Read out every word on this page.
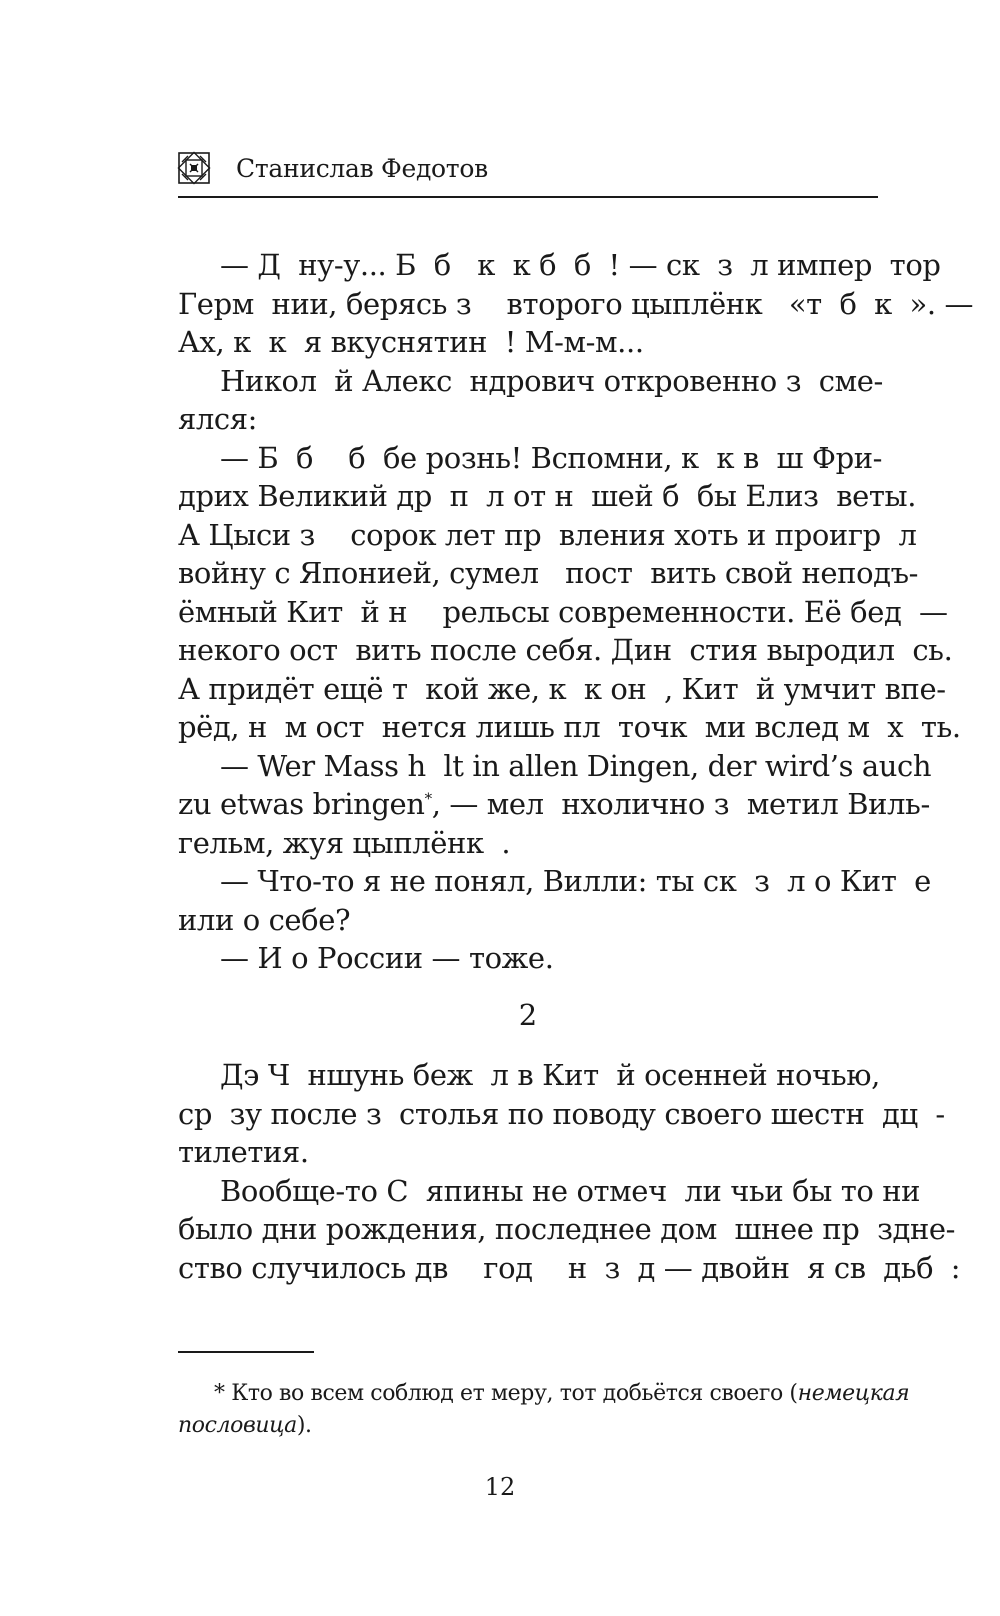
Станислав Федотов
— Д  ну-у... Б  б   к  к б  б  ! — ск  з  л импер  тор
Герм  нии, берясь з    второго цыплёнк   «т  б  к  ». —
Ах, к  к  я вкуснятин  ! М-м-м...
Никол  й Алекс  ндрович откровенно з  сме-
ялся:
— Б  б    б  бе рознь! Вспомни, к  к в  ш Фри-
дрих Великий др  п  л от н  шей б  бы Елиз  веты.
А Цыси з    сорок лет пр  вления хоть и проигр  л
войну с Японией, сумел   пост  вить свой неподъ-
ёмный Кит  й н    рельсы современности. Её бед  —
некого ост  вить после себя. Дин  стия выродил  сь.
А придёт ещё т  кой же, к  к он  , Кит  й умчит впе-
рёд, н  м ост  нется лишь пл  точк  ми вслед м  х  ть.
— Wer Mass h  lt in allen Dingen, der wird’s auch
zu etwas bringen*, — мел  нхолично з  метил Виль-
гельм, жуя цыплёнк  .
— Что-то я не понял, Вилли: ты ск  з  л о Кит  е
или о себе?
— И о России — тоже.
2
Дэ Ч  ншунь беж  л в Кит  й осенней ночью,
ср  зу после з  столья по поводу своего шестн  дц  -
тилетия.
Вообще-то С  япины не отмеч  ли чьи бы то ни
было дни рождения, последнее дом  шнее пр  здне-
ство случилось дв    год    н  з  д — двойн  я св  дьб  :
* Кто во всем соблюд ет меру, тот добьётся своего (немецкая
пословица).
12
